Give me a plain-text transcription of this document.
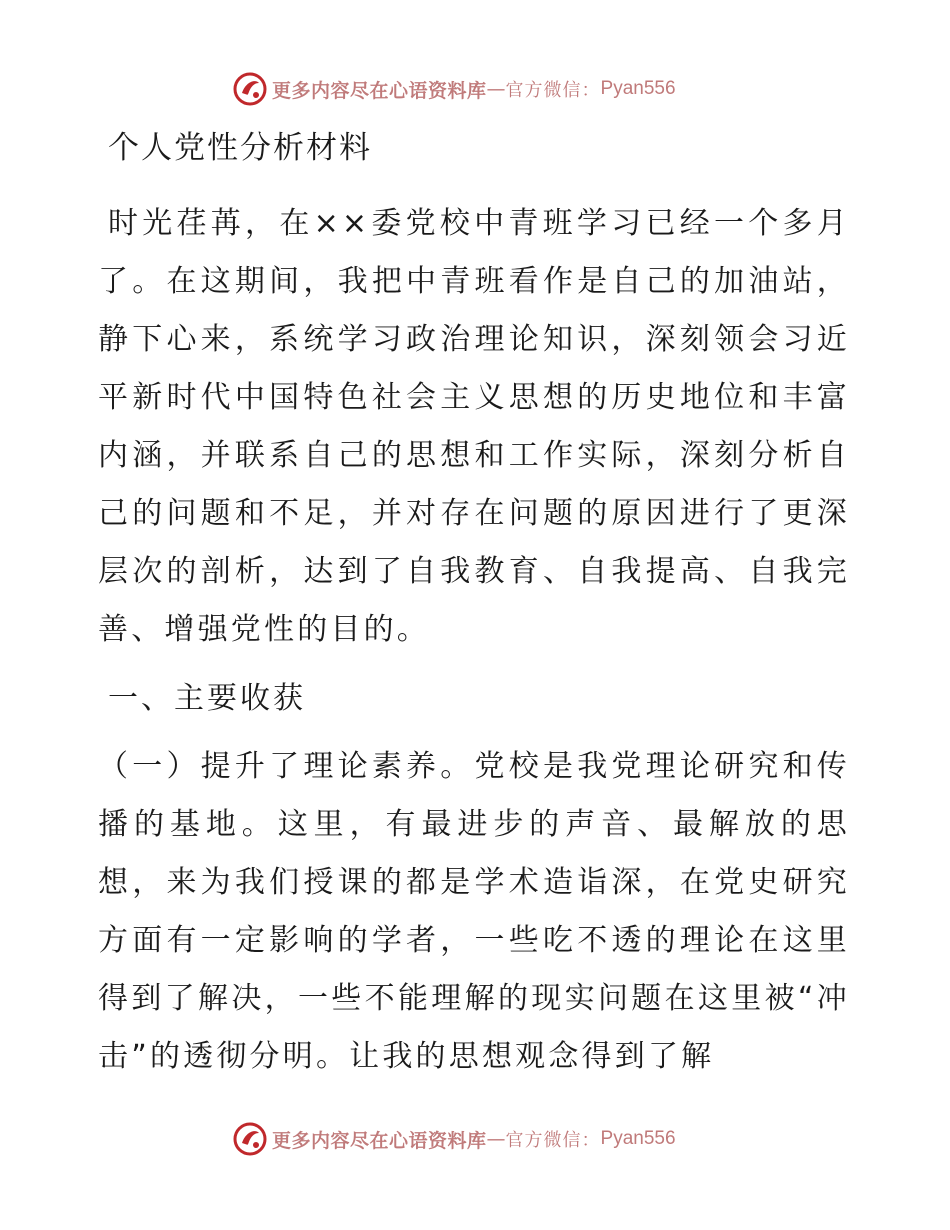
更多内容尽在心语资料库 — 官方微信： Pyan556
个人党性分析材料

时光荏苒，在××委党校中青班学习已经一个多月了。在这期间，我把中青班看作是自己的加油站，静下心来，系统学习政治理论知识，深刻领会习近平新时代中国特色社会主义思想的历史地位和丰富内涵，并联系自己的思想和工作实际，深刻分析自己的问题和不足，并对存在问题的原因进行了更深层次的剖析，达到了自我教育、自我提高、自我完善、增强党性的目的。

一、主要收获

（一）提升了理论素养。党校是我党理论研究和传播的基地。这里，有最进步的声音、最解放的思想，来为我们授课的都是学术造诣深，在党史研究方面有一定影响的学者，一些吃不透的理论在这里得到了解决，一些不能理解的现实问题在这里被“冲击”的透彻分明。让我的思想观念得到了解

更多内容尽在心语资料库 — 官方微信： Pyan556
